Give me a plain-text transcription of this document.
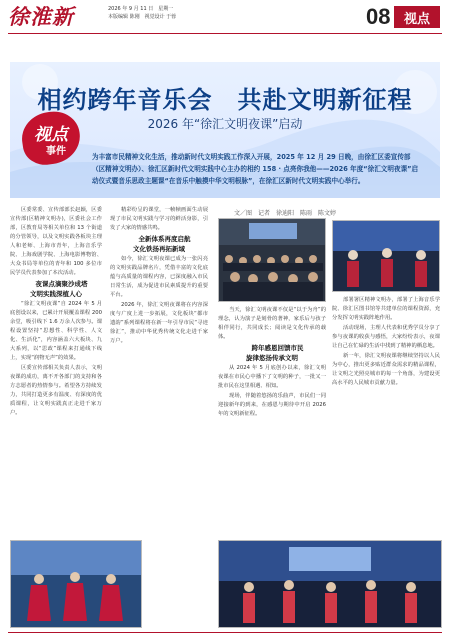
徐淮新	2026 年 9 月 11 日　星期一
本版编辑 陈刚　视觉设计 于蓉	08	视点
相约跨年音乐会　共赴文明新征程
2026 年“徐汇文明夜课”启动
视点
事件	为丰富市民精神文化生活，推动新时代文明实践工作深入开展，2025 年 12 月 29 日晚，由徐汇区委宣传部（区精神文明办）、徐汇区新时代文明实践中心主办的相约 158 · 点亮你我他——2026 年度“徐汇文明夜课”启动仪式暨音乐思政主题课“在音乐中触摸中华文明根脉”，在徐汇区新时代文明实践中心举行。

区委常委、宣传部部长赵颖，区委宣传部(区精神文明办)，区委社会工作部，区教育局等相关单位和 13 个街道的分管领导，以及文明实践各板块主理人和老师、上海市青年，上海音乐学院、上海戏剧学院、上海电影博物馆、大众书局等单位的青年和 100 多位市民学员代表参加了本次活动。

夜课点滴聚沙成塔
文明实践深植人心

“徐汇文明夜课”自 2024 年 5 月底创设以来，已累计开展覆盖课程 200 余堂，吸引线下 1.6 万余人次参与。课程设置坚持“思想性、科学性、人文化、生活化”，内容涵盖六大板块、九大系列，以“思政”课程来打通线下线上，实现“润物无声”的效果。

区委宣传部相关负责人表示，文明夜课的成功，离不开各部门的支持和各方志愿者的热情参与。希望各方持续发力，共同打造更多有温度、有深度的优质课程，让文明实践真正走进千家万户。

精彩纷呈的课堂，一帧帧画面生动展现了市民文明实践与学习的鲜活身影，引发了大家的情感共鸣。

全新体系再度启航
文化铁扬再拓新域

如今，徐汇文明夜课已成为一张闪亮的文明实践品牌名片，凭借丰富的文化底蕴与高质量的课程内容，已深度融入市民日常生活，成为促进市民素质提升的重要平台。

2026 年，徐汇文明夜课将在内容深度与广度上进一步拓展，文化板块“都市遗韵”系列课程将在新一年引导市民“寻迹徐汇”，推动中华优秀传统文化走进千家万户。

文／图　记者　徐迪阳　陈雨　陈文婷

当天，徐汇文明夜课不仅是“以于为舟”的理念，认为演子是刻骨的著神，家乐后与孩子相伴同行，共同成长；阅读是文化传承的载体。

跨年感恩回馈市民
旋律悠扬传承文明

从 2024 年 5 月底创办以来，徐汇文明夜课在市民心中播下了文明的种子，一批又一批市民在这里相遇、相知。

现场，伴随着悠扬的乐曲声，市民们一同迎接新年的到来，在感恩与期待中开启 2026 年的文明新征程。

部署署区精神文明办，部署了上海音乐学院、徐汇区图书馆等共建单位的课程资源，充分发挥文明实践阵地作用。

活动现场，主理人代表和优秀学员分享了参与夜课的收获与感悟，大家纷纷表示，夜课让自己在忙碌的生活中找到了精神的栖息地。

新一年，徐汇文明夜课将继续坚持以人民为中心，推出更多贴近群众需求的精品课程，让文明之光照亮城市的每一个角落，为建设更高水平的人民城市贡献力量。
